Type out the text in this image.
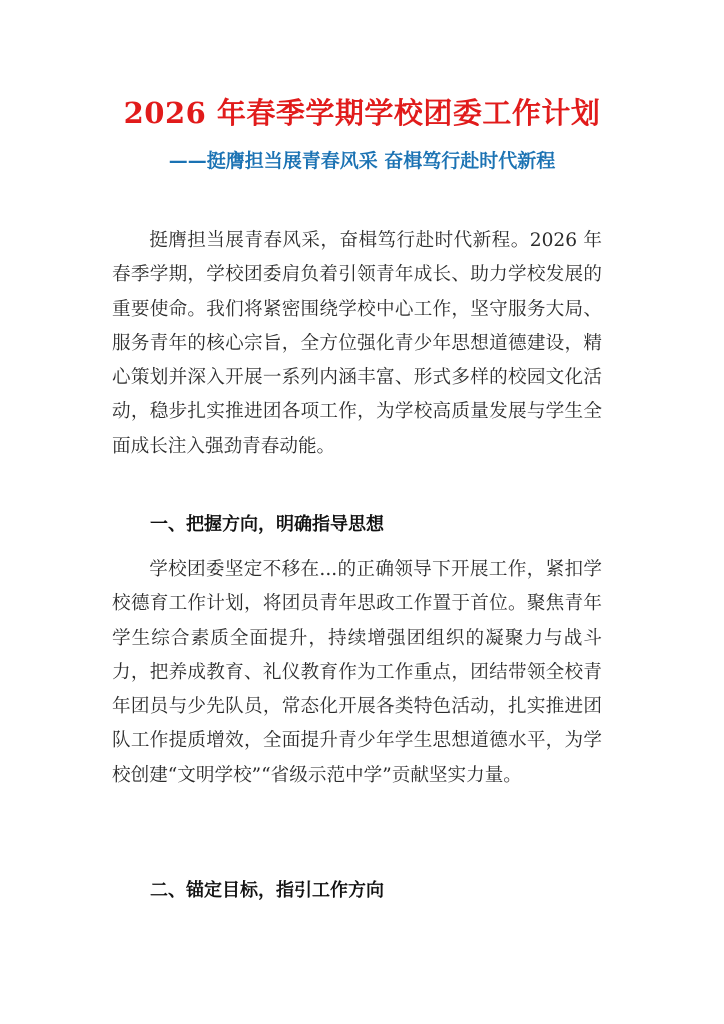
2026 年春季学期学校团委工作计划
——挺膺担当展青春风采 奋楫笃行赴时代新程

挺膺担当展青春风采，奋楫笃行赴时代新程。2026 年春季学期，学校团委肩负着引领青年成长、助力学校发展的重要使命。我们将紧密围绕学校中心工作，坚守服务大局、服务青年的核心宗旨，全方位强化青少年思想道德建设，精心策划并深入开展一系列内涵丰富、形式多样的校园文化活动，稳步扎实推进团各项工作，为学校高质量发展与学生全面成长注入强劲青春动能。

一、把握方向，明确指导思想

学校团委坚定不移在...的正确领导下开展工作，紧扣学校德育工作计划，将团员青年思政工作置于首位。聚焦青年学生综合素质全面提升，持续增强团组织的凝聚力与战斗力，把养成教育、礼仪教育作为工作重点，团结带领全校青年团员与少先队员，常态化开展各类特色活动，扎实推进团队工作提质增效，全面提升青少年学生思想道德水平，为学校创建“文明学校”“省级示范中学”贡献坚实力量。

二、锚定目标，指引工作方向
